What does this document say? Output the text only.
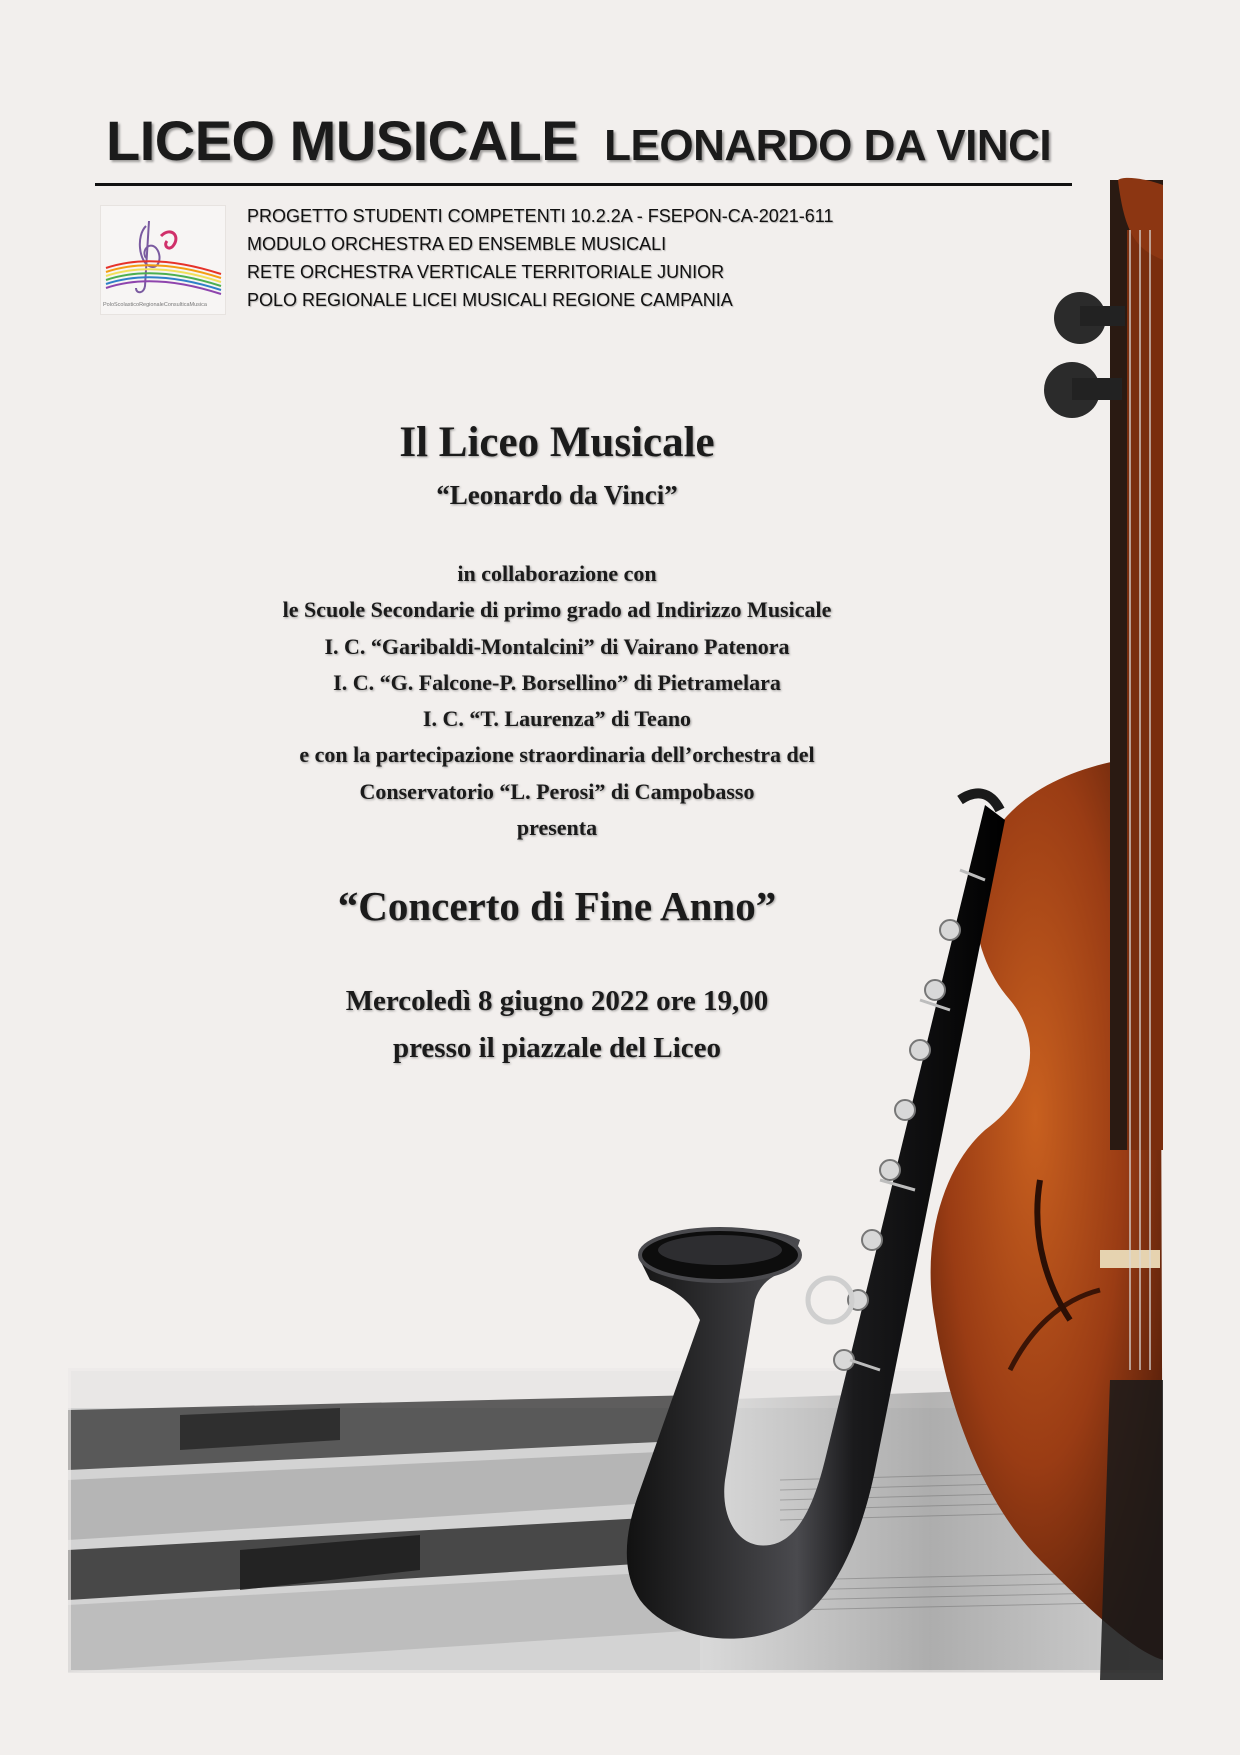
LICEO MUSICALE LEONARDO DA VINCI
PoloScolasticoRegionaleConsulticaMusica
PROGETTO STUDENTI COMPETENTI 10.2.2A - FSEPON-CA-2021-611
MODULO ORCHESTRA ED ENSEMBLE MUSICALI
RETE ORCHESTRA VERTICALE TERRITORIALE JUNIOR
POLO REGIONALE LICEI MUSICALI REGIONE CAMPANIA
Il Liceo Musicale
“Leonardo da Vinci”
in collaborazione con
le Scuole Secondarie di primo grado ad Indirizzo Musicale
I. C. “Garibaldi-Montalcini” di Vairano Patenora
I. C. “G. Falcone-P. Borsellino” di Pietramelara
I. C. “T. Laurenza” di Teano
e con la partecipazione straordinaria dell’orchestra del
Conservatorio “L. Perosi” di Campobasso
presenta
“Concerto di Fine Anno”
Mercoledì 8 giugno 2022 ore 19,00
presso il piazzale del Liceo
